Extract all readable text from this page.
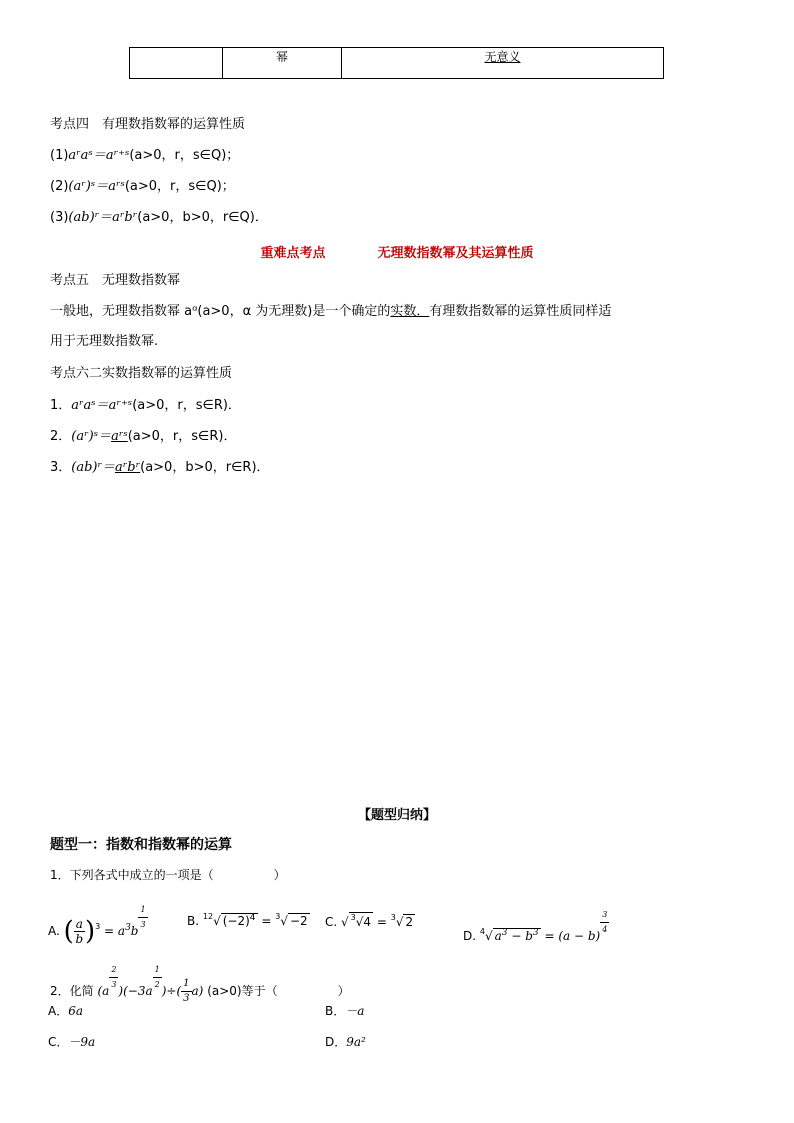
	幂	无意义
考点四　有理数指数幂的运算性质
(1)aʳaˢ＝aʳ⁺ˢ(a>0，r，s∈Q)；
(2)(aʳ)ˢ＝aʳˢ(a>0，r，s∈Q)；
(3)(ab)ʳ＝aʳbʳ(a>0，b>0，r∈Q)．
重难点考点　　　　	无理数指数幂及其运算性质
考点五　无理数指数幂
一般地，无理数指数幂 aᵅ(a>0，α 为无理数)是一个确定的实数．有理数指数幂的运算性质同样适
用于无理数指数幂.
考点六二实数指数幂的运算性质
1．aʳaˢ＝aʳ⁺ˢ(a>0，r，s∈R)．
2．(aʳ)ˢ＝aʳˢ(a>0，r，s∈R)．
3．(ab)ʳ＝aʳbʳ(a>0，b>0，r∈R)．
【题型归纳】
题型一：指数和指数幂的运算
1．下列各式中成立的一项是（　　　　　）
A. ( $\frac{a}{b} )^3 = a^3b \frac{1}{3}$	B. $^{12}$√ $(-2)^4 = ^3√ -2$ C. √ $^3$√4 = $^3$√ 2
D. $^4$√ $a^3 - b^3 = (a - b) \frac{3}{4}$
2．化简 $(a \frac{2}{3} )(-3a \frac{1}{2}$ )÷( $\frac{1}{3} a$) (a>0)等于（　　　　　）
A．6a	B．－a
C．－9a	D．9a²
